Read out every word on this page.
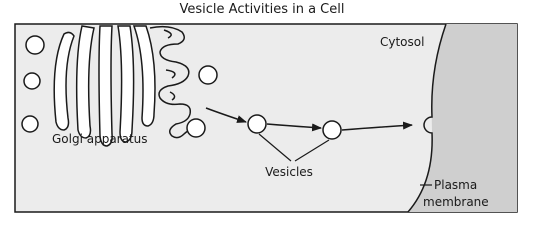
Vesicle Activities in a Cell
Cytosol
Golgi apparatus
Vesicles
Plasma
membrane
